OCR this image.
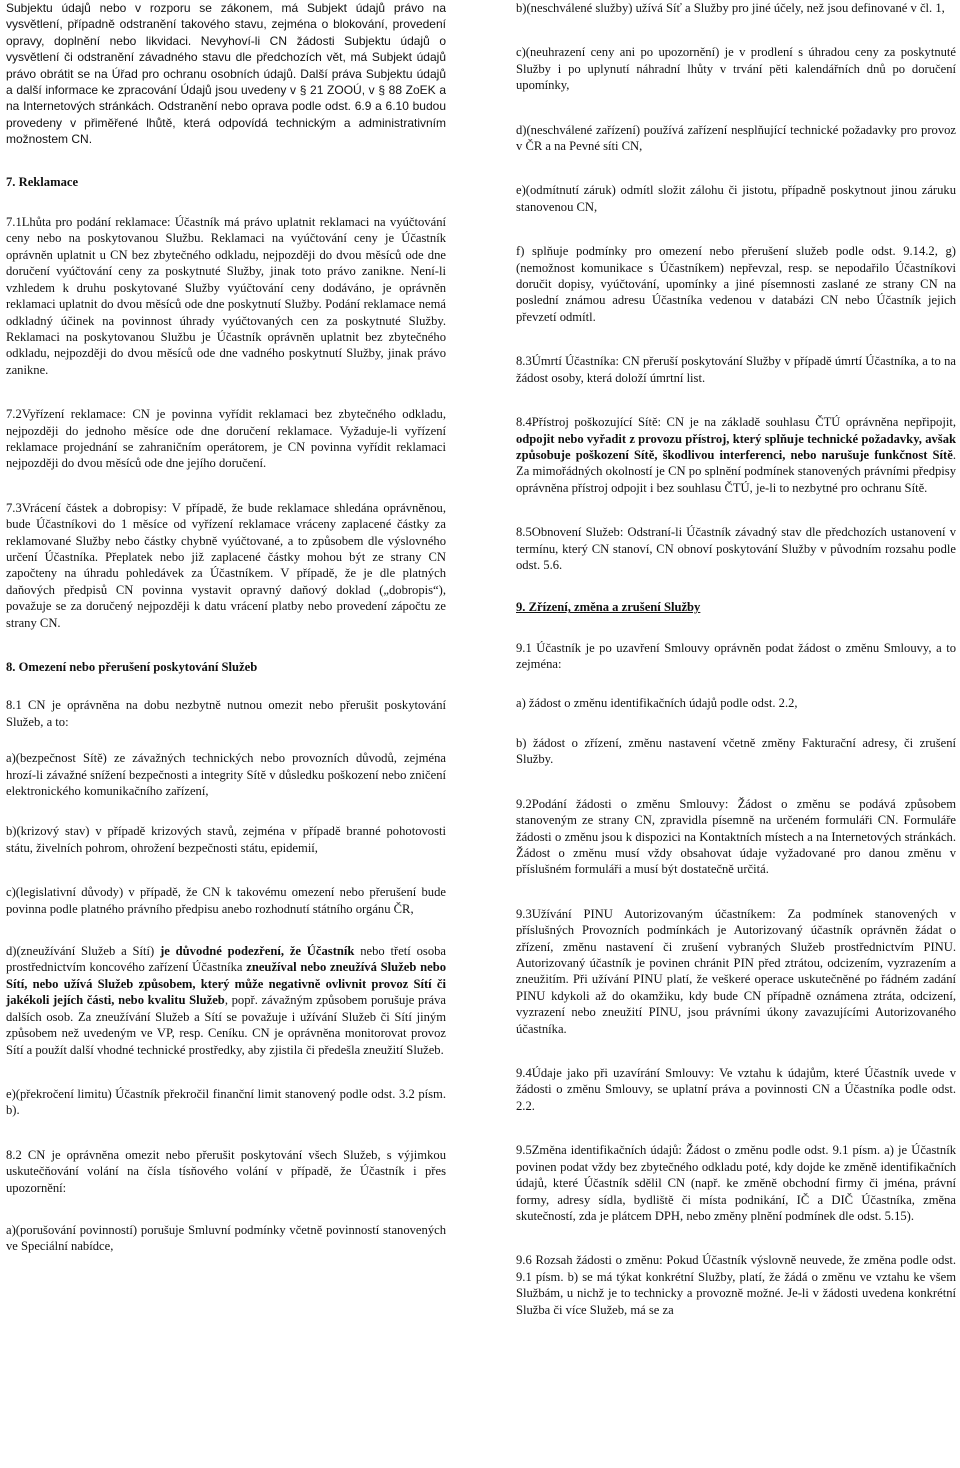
Subjektu údajů nebo v rozporu se zákonem, má Subjekt údajů právo na vysvětlení, případně odstranění takového stavu, zejména o blokování, provedení opravy, doplnění nebo likvidaci. Nevyhoví-li CN žádosti Subjektu údajů o vysvětlení či odstranění závadného stavu dle předchozích vět, má Subjekt údajů právo obrátit se na Úřad pro ochranu osobních údajů. Další práva Subjektu údajů a další informace ke zpracování Údajů jsou uvedeny v § 21 ZOOÚ, v § 88 ZoEK a na Internetových stránkách. Odstranění nebo oprava podle odst. 6.9 a 6.10 budou provedeny v přiměřené lhůtě, která odpovídá technickým a administrativním možnostem CN.

7. Reklamace

7.1Lhůta pro podání reklamace: Účastník má právo uplatnit reklamaci na vyúčtování ceny nebo na poskytovanou Službu. Reklamaci na vyúčtování ceny je Účastník oprávněn uplatnit u CN bez zbytečného odkladu, nejpozději do dvou měsíců ode dne doručení vyúčtování ceny za poskytnuté Služby, jinak toto právo zanikne. Není-li vzhledem k druhu poskytované Služby vyúčtování ceny dodáváno, je oprávněn reklamaci uplatnit do dvou měsíců ode dne poskytnutí Služby. Podání reklamace nemá odkladný účinek na povinnost úhrady vyúčtovaných cen za poskytnuté Služby. Reklamaci na poskytovanou Službu je Účastník oprávněn uplatnit bez zbytečného odkladu, nejpozději do dvou měsíců ode dne vadného poskytnutí Služby, jinak právo zanikne.

7.2Vyřízení reklamace: CN je povinna vyřídit reklamaci bez zbytečného odkladu, nejpozději do jednoho měsíce ode dne doručení reklamace. Vyžaduje-li vyřízení reklamace projednání se zahraničním operátorem, je CN povinna vyřídit reklamaci nejpozději do dvou měsíců ode dne jejího doručení.

7.3Vrácení částek a dobropisy: V případě, že bude reklamace shledána oprávněnou, bude Účastníkovi do 1 měsíce od vyřízení reklamace vráceny zaplacené částky za reklamované Služby nebo částky chybně vyúčtované, a to způsobem dle výslovného určení Účastníka. Přeplatek nebo již zaplacené částky mohou být ze strany CN započteny na úhradu pohledávek za Účastníkem. V případě, že je dle platných daňových předpisů CN povinna vystavit opravný daňový doklad („dobropis“), považuje se za doručený nejpozději k datu vrácení platby nebo provedení zápočtu ze strany CN.

8. Omezení nebo přerušení poskytování Služeb

8.1 CN je oprávněna na dobu nezbytně nutnou omezit nebo přerušit poskytování Služeb, a to:

a)(bezpečnost Sítě) ze závažných technických nebo provozních důvodů, zejména hrozí-li závažné snížení bezpečnosti a integrity Sítě v důsledku poškození nebo zničení elektronického komunikačního zařízení,

b)(krizový stav) v případě krizových stavů, zejména v případě branné pohotovosti státu, živelních pohrom, ohrožení bezpečnosti státu, epidemií,

c)(legislativní důvody) v případě, že CN k takovému omezení nebo přerušení bude povinna podle platného právního předpisu anebo rozhodnutí státního orgánu ČR,

d)(zneužívání Služeb a Sítí) je důvodné podezření, že Účastník nebo třetí osoba prostřednictvím koncového zařízení Účastníka zneužíval nebo zneužívá Služeb nebo Sítí, nebo užívá Služeb způsobem, který může negativně ovlivnit provoz Sítí či jakékoli jejích části, nebo kvalitu Služeb, popř. závažným způsobem porušuje práva dalších osob. Za zneužívání Služeb a Sítí se považuje i užívání Služeb či Sítí jiným způsobem než uvedeným ve VP, resp. Ceníku. CN je oprávněna monitorovat provoz Sítí a použít další vhodné technické prostředky, aby zjistila či předešla zneužití Služeb.

e)(překročení limitu) Účastník překročil finanční limit stanovený podle odst. 3.2 písm. b).

8.2 CN je oprávněna omezit nebo přerušit poskytování všech Služeb, s výjimkou uskutečňování volání na čísla tísňového volání v případě, že Účastník i přes upozornění:

a)(porušování povinností) porušuje Smluvní podmínky včetně povinností stanovených ve Speciální nabídce,

b)(neschválené služby) užívá Síť a Služby pro jiné účely, než jsou definované v čl. 1,

c)(neuhrazení ceny ani po upozornění) je v prodlení s úhradou ceny za poskytnuté Služby i po uplynutí náhradní lhůty v trvání pěti kalendářních dnů po doručení upomínky,

d)(neschválené zařízení) používá zařízení nesplňující technické požadavky pro provoz v ČR a na Pevné síti CN,

e)(odmítnutí záruk) odmítl složit zálohu či jistotu, případně poskytnout jinou záruku stanovenou CN,

f) splňuje podmínky pro omezení nebo přerušení služeb podle odst. 9.14.2, g) (nemožnost komunikace s Účastníkem) nepřevzal, resp. se nepodařilo Účastníkovi doručit dopisy, vyúčtování, upomínky a jiné písemnosti zaslané ze strany CN na poslední známou adresu Účastníka vedenou v databázi CN nebo Účastník jejich převzetí odmítl.

8.3Úmrtí Účastníka: CN přeruší poskytování Služby v případě úmrtí Účastníka, a to na žádost osoby, která doloží úmrtní list.

8.4Přístroj poškozující Sítě: CN je na základě souhlasu ČTÚ oprávněna nepřipojit, odpojit nebo vyřadit z provozu přístroj, který splňuje technické požadavky, avšak způsobuje poškození Sítě, škodlivou interferenci, nebo narušuje funkčnost Sítě. Za mimořádných okolností je CN po splnění podmínek stanovených právními předpisy oprávněna přístroj odpojit i bez souhlasu ČTÚ, je-li to nezbytné pro ochranu Sítě.

8.5Obnovení Služeb: Odstraní-li Účastník závadný stav dle předchozích ustanovení v termínu, který CN stanoví, CN obnoví poskytování Služby v původním rozsahu podle odst. 5.6.

9. Zřízení, změna a zrušení Služby

9.1 Účastník je po uzavření Smlouvy oprávněn podat žádost o změnu Smlouvy, a to zejména:

a) žádost o změnu identifikačních údajů podle odst. 2.2,

b) žádost o zřízení, změnu nastavení včetně změny Fakturační adresy, či zrušení Služby.

9.2Podání žádosti o změnu Smlouvy: Žádost o změnu se podává způsobem stanoveným ze strany CN, zpravidla písemně na určeném formuláři CN. Formuláře žádosti o změnu jsou k dispozici na Kontaktních místech a na Internetových stránkách. Žádost o změnu musí vždy obsahovat údaje vyžadované pro danou změnu v příslušném formuláři a musí být dostatečně určitá.

9.3Užívání PINU Autorizovaným účastníkem: Za podmínek stanovených v příslušných Provozních podmínkách je Autorizovaný účastník oprávněn žádat o zřízení, změnu nastavení či zrušení vybraných Služeb prostřednictvím PINU. Autorizovaný účastník je povinen chránit PIN před ztrátou, odcizením, vyzrazením a zneužitím. Při užívání PINU platí, že veškeré operace uskutečněné po řádném zadání PINU kdykoli až do okamžiku, kdy bude CN případně oznámena ztráta, odcizení, vyzrazení nebo zneužití PINU, jsou právními úkony zavazujícími Autorizovaného účastníka.

9.4Údaje jako při uzavírání Smlouvy: Ve vztahu k údajům, které Účastník uvede v žádosti o změnu Smlouvy, se uplatní práva a povinnosti CN a Účastníka podle odst. 2.2.

9.5Změna identifikačních údajů: Žádost o změnu podle odst. 9.1 písm. a) je Účastník povinen podat vždy bez zbytečného odkladu poté, kdy dojde ke změně identifikačních údajů, které Účastník sdělil CN (např. ke změně obchodní firmy či jména, právní formy, adresy sídla, bydliště či místa podnikání, IČ a DIČ Účastníka, změna skutečností, zda je plátcem DPH, nebo změny plnění podmínek dle odst. 5.15).

9.6 Rozsah žádosti o změnu: Pokud Účastník výslovně neuvede, že změna podle odst. 9.1 písm. b) se má týkat konkrétní Služby, platí, že žádá o změnu ve vztahu ke všem Službám, u nichž je to technicky a provozně možné. Je-li v žádosti uvedena konkrétní Služba či více Služeb, má se za
